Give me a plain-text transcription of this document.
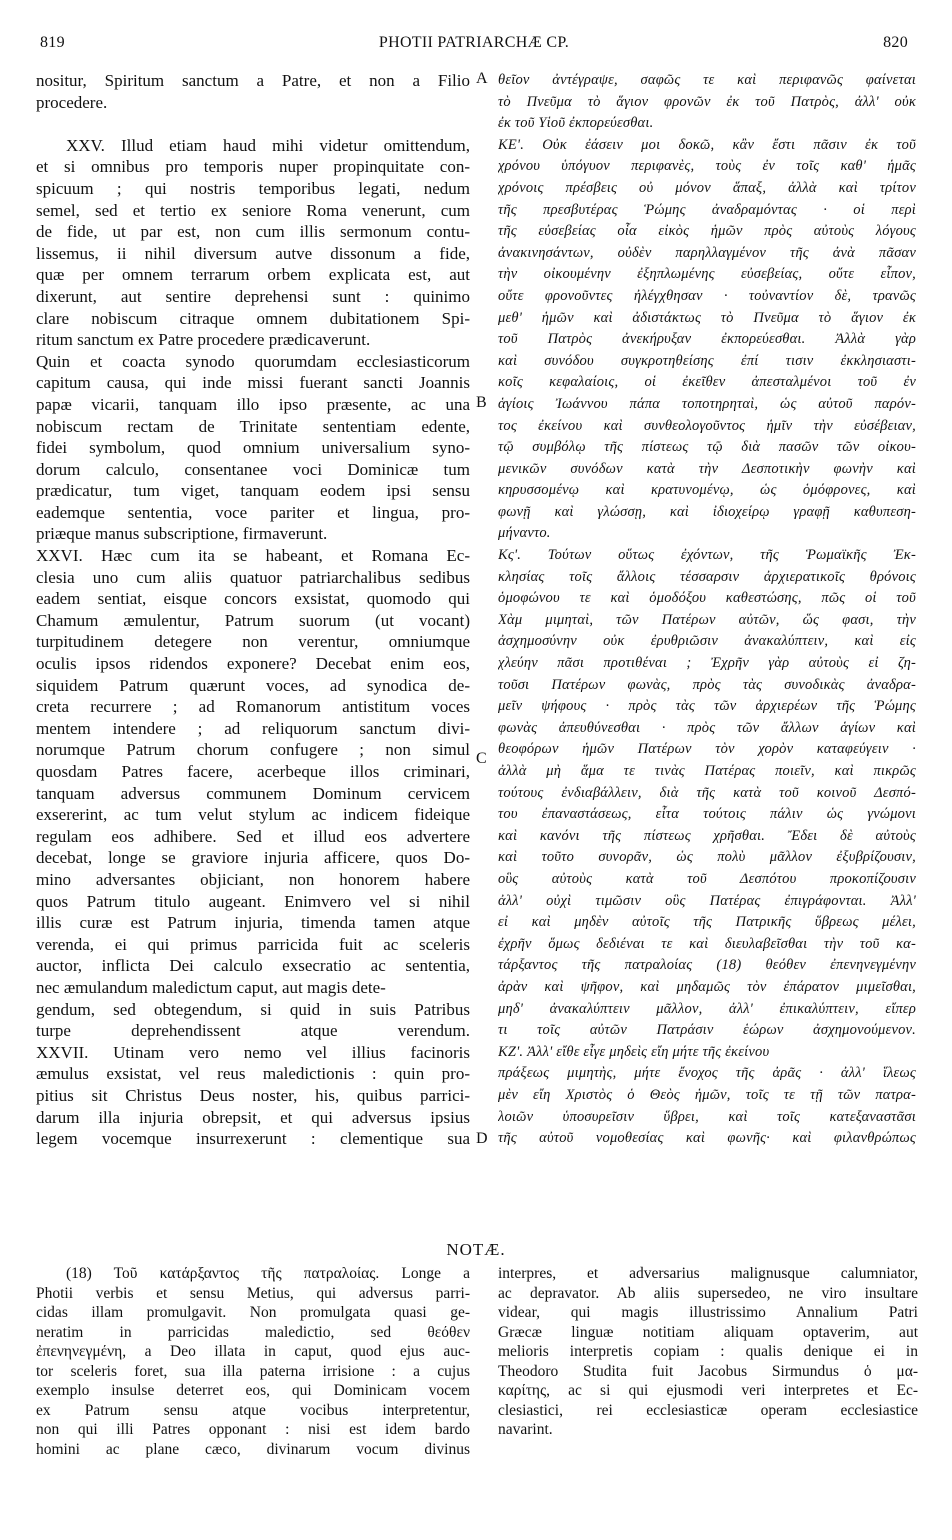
819	PHOTII PATRIARCHÆ CP.	820
nositur, Spiritum sanctum a Patre, et non a Filio
procedere.
XXV. Illud etiam haud mihi videtur omittendum,
et si omnibus pro temporis nuper propinquitate con-
spicuum ; qui nostris temporibus legati, nedum
semel, sed et tertio ex seniore Roma venerunt, cum
de fide, ut par est, non cum illis sermonum contu-
lissemus, ii nihil diversum autve dissonum a fide,
quæ per omnem terrarum orbem explicata est, aut
dixerunt, aut sentire deprehensi sunt : quinimo
clare nobiscum citraque omnem dubitationem Spi-
ritum sanctum ex Patre procedere prædicaverunt.
Quin et coacta synodo quorumdam ecclesiasticorum
capitum causa, qui inde missi fuerant sancti Joannis
papæ vicarii, tanquam illo ipso præsente, ac una
nobiscum rectam de Trinitate sententiam edente,
fidei symbolum, quod omnium universalium syno-
dorum calculo, consentanee voci Dominicæ tum
prædicatur, tum viget, tanquam eodem ipsi sensu
eademque sententia, voce pariter et lingua, pro-
priæque manus subscriptione, firmaverunt.
XXVI. Hæc cum ita se habeant, et Romana Ec-
clesia uno cum aliis quatuor patriarchalibus sedibus
eadem sentiat, eisque concors exsistat, quomodo qui
Chamum æmulentur, Patrum suorum (ut vocant)
turpitudinem detegere non verentur, omniumque
oculis ipsos ridendos exponere? Decebat enim eos,
siquidem Patrum quærunt voces, ad synodica de-
creta recurrere ; ad Romanorum antistitum voces
mentem intendere ; ad reliquorum sanctum divi-
norumque Patrum chorum confugere ; non simul
quosdam Patres facere, acerbeque illos criminari,
tanquam adversus communem Dominum cervicem
exsererint, ac tum velut stylum ac indicem fideique
regulam eos adhibere. Sed et illud eos advertere
decebat, longe se graviore injuria afficere, quos Do-
mino adversantes objiciant, non honorem habere
quos Patrum titulo augeant. Enimvero vel si nihil
illis curæ est Patrum injuria, timenda tamen atque
verenda, ei qui primus parricida fuit ac sceleris
auctor, inflicta Dei calculo exsecratio ac sententia,
nec æmulandum maledictum caput, aut magis dete-
gendum, sed obtegendum, si quid in suis Patribus
turpe deprehendissent atque verendum.
XXVII. Utinam vero nemo vel illius facinoris
æmulus exsistat, vel reus maledictionis : quin pro-
pitius sit Christus Deus noster, his, quibus parrici-
darum illa injuria obrepsit, et qui adversus ipsius
legem vocemque insurrexerunt : clementique sua
θεῖον ἀντέγραψε, σαφῶς τε καὶ περιφανῶς φαίνεται
τὸ Πνεῦμα τὸ ἅγιον φρονῶν ἐκ τοῦ Πατρὸς, ἀλλ' οὐκ
ἐκ τοῦ Υἱοῦ ἐκπορεύεσθαι.
ΚΕ'. Οὐκ ἐάσειν μοι δοκῶ, κἂν ἔστι πᾶσιν ἐκ τοῦ
χρόνου ὑπόγυον περιφανὲς, τοὺς ἐν τοῖς καθ' ἡμᾶς
χρόνοις πρέσβεις οὐ μόνον ἅπαξ, ἀλλὰ καὶ τρίτον
τῆς πρεσβυτέρας Ῥώμης ἀναδραμόντας · οἱ περὶ
τῆς εὐσεβείας οἷα εἰκὸς ἡμῶν πρὸς αὐτοὺς λόγους
ἀνακινησάντων, οὐδὲν παρηλλαγμένον τῆς ἀνὰ πᾶσαν
τὴν οἰκουμένην ἐξηπλωμένης εὐσεβείας, οὔτε εἶπον,
οὔτε φρονοῦντες ἠλέγχθησαν · τοὐναντίον δὲ, τρανῶς
μεθ' ἡμῶν καὶ ἀδιστάκτως τὸ Πνεῦμα τὸ ἅγιον ἐκ
τοῦ Πατρὸς ἀνεκήρυξαν ἐκπορεύεσθαι. Ἀλλὰ γὰρ
καὶ συνόδου συγκροτηθείσης ἐπί τισιν ἐκκλησιαστι-
κοῖς κεφαλαίοις, οἱ ἐκεῖθεν ἀπεσταλμένοι τοῦ ἐν
ἁγίοις Ἰωάννου πάπα τοποτηρηταὶ, ὡς αὐτοῦ παρόν-
τος ἐκείνου καὶ συνθεολογοῦντος ἡμῖν τὴν εὐσέβειαν,
τῷ συμβόλῳ τῆς πίστεως τῷ διὰ πασῶν τῶν οἰκου-
μενικῶν συνόδων κατὰ τὴν Δεσποτικὴν φωνὴν καὶ
κηρυσσομένῳ καὶ κρατυνομένῳ, ὡς ὁμόφρονες, καὶ
φωνῇ καὶ γλώσσῃ, καὶ ἰδιοχείρῳ γραφῇ καθυπεση-
μήναντο.
Κς'. Τούτων οὕτως ἐχόντων, τῆς Ῥωμαϊκῆς Ἐκ-
κλησίας τοῖς ἄλλοις τέσσαρσιν ἀρχιερατικοῖς θρόνοις
ὁμοφώνου τε καὶ ὁμοδόξου καθεστώσης, πῶς οἱ τοῦ
Χὰμ μιμηταὶ, τῶν Πατέρων αὐτῶν, ὥς φασι, τὴν
ἀσχημοσύνην οὐκ ἐρυθριῶσιν ἀνακαλύπτειν, καὶ εἰς
χλεύην πᾶσι προτιθέναι ; Ἐχρῆν γὰρ αὐτοὺς εἰ ζη-
τοῦσι Πατέρων φωνὰς, πρὸς τὰς συνοδικὰς ἀναδρα-
μεῖν ψήφους · πρὸς τὰς τῶν ἀρχιερέων τῆς Ῥώμης
φωνὰς ἀπευθύνεσθαι · πρὸς τῶν ἄλλων ἁγίων καὶ
θεοφόρων ἡμῶν Πατέρων τὸν χορὸν καταφεύγειν ·
ἀλλὰ μὴ ἅμα τε τινὰς Πατέρας ποιεῖν, καὶ πικρῶς
τούτους ἐνδιαβάλλειν, διὰ τῆς κατὰ τοῦ κοινοῦ Δεσπό-
του ἐπαναστάσεως, εἶτα τούτοις πάλιν ὡς γνώμονι
καὶ κανόνι τῆς πίστεως χρῆσθαι. Ἔδει δὲ αὐτοὺς
καὶ τοῦτο συνορᾶν, ὡς πολὺ μᾶλλον ἐξυβρίζουσιν,
οὓς αὐτοὺς κατὰ τοῦ Δεσπότου προκοπίζουσιν
ἀλλ' οὐχὶ τιμῶσιν οὓς Πατέρας ἐπιγράφονται. Ἀλλ'
εἰ καὶ μηδὲν αὐτοῖς τῆς Πατρικῆς ὕβρεως μέλει,
ἐχρῆν ὅμως δεδιέναι τε καὶ διευλαβεῖσθαι τὴν τοῦ κα-
τάρξαντος τῆς πατραλοίας (18) θεόθεν ἐπενηνεγμένην
ἀρὰν καὶ ψῆφον, καὶ μηδαμῶς τὸν ἐπάρατον μιμεῖσθαι,
μηδ' ἀνακαλύπτειν μᾶλλον, ἀλλ' ἐπικαλύπτειν, εἴπερ
τι τοῖς αὐτῶν Πατράσιν ἑώρων ἀσχημονούμενον.
ΚΖ'. Ἀλλ' εἴθε εἶγε μηδεὶς εἴη μήτε τῆς ἐκείνου
πράξεως μιμητὴς, μήτε ἔνοχος τῆς ἀρᾶς · ἀλλ' ἵλεως
μὲν εἴη Χριστὸς ὁ Θεὸς ἡμῶν, τοῖς τε τῇ τῶν πατρα-
λοιῶν ὑποσυρεῖσιν ὕβρει, καὶ τοῖς κατεξαναστᾶσι
τῆς αὐτοῦ νομοθεσίας καὶ φωνῆς· καὶ φιλανθρώπως
A
B
C
D
NOTÆ.
(18) Τοῦ κατάρξαντος τῆς πατραλοίας. Longe a
Photii verbis et sensu Metius, qui adversus parri-
cidas illam promulgavit. Non promulgata quasi ge-
neratim in parricidas maledictio, sed θεόθεν
ἐπενηνεγμένη, a Deo illata in caput, quod ejus auc-
tor sceleris foret, sua illa paterna irrisione : a cujus
exemplo insulse deterret eos, qui Dominicam vocem
ex Patrum sensu atque vocibus interpretentur,
non qui illi Patres opponant : nisi est idem bardo
homini ac plane cæco, divinarum vocum divinus
interpres, et adversarius malignusque calumniator,
ac depravator. Ab aliis supersedeo, ne viro insultare
videar, qui magis illustrissimo Annalium Patri
Græcæ linguæ notitiam aliquam optaverim, aut
melioris interpretis copiam : qualis denique ei in
Theodoro Studita fuit Jacobus Sirmundus ὁ μα-
καρίτης, ac si qui ejusmodi veri interpretes et Ec-
clesiastici, rei ecclesiasticæ operam ecclesiastice
navarint.
